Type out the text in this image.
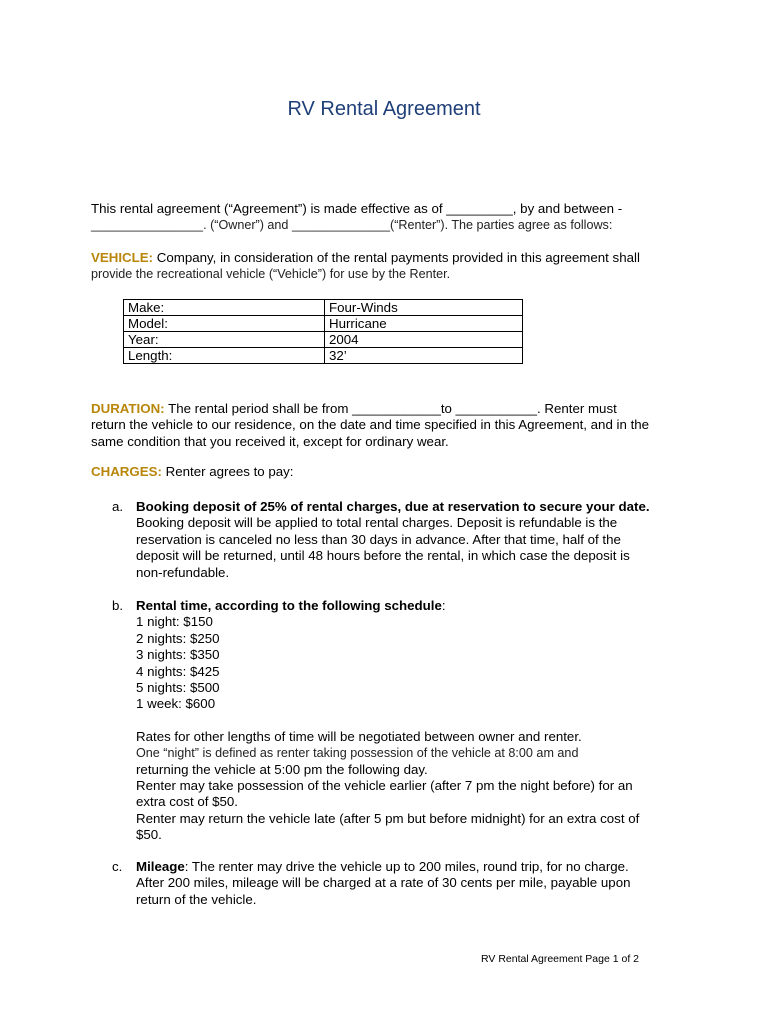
RV Rental Agreement

This rental agreement (“Agreement”) is made effective as of _________, by and between -
________________. (“Owner”) and ______________(“Renter”). The parties agree as follows:

VEHICLE: Company, in consideration of the rental payments provided in this agreement shall
provide the recreational vehicle (“Vehicle”) for use by the Renter.

Make:	Four-Winds
Model:	Hurricane
Year:	2004
Length:	32’

DURATION: The rental period shall be from ____________to ___________. Renter must
return the vehicle to our residence, on the date and time specified in this Agreement, and in the
same condition that you received it, except for ordinary wear.

CHARGES: Renter agrees to pay:

a. Booking deposit of 25% of rental charges, due at reservation to secure your date.
Booking deposit will be applied to total rental charges. Deposit is refundable is the
reservation is canceled no less than 30 days in advance. After that time, half of the
deposit will be returned, until 48 hours before the rental, in which case the deposit is
non-refundable.
b. Rental time, according to the following schedule:
1 night: $150
2 nights: $250
3 nights: $350
4 nights: $425
5 nights: $500
1 week: $600
Rates for other lengths of time will be negotiated between owner and renter.
One “night” is defined as renter taking possession of the vehicle at 8:00 am and
returning the vehicle at 5:00 pm the following day.
Renter may take possession of the vehicle earlier (after 7 pm the night before) for an
extra cost of $50.
Renter may return the vehicle late (after 5 pm but before midnight) for an extra cost of
$50.
c. Mileage: The renter may drive the vehicle up to 200 miles, round trip, for no charge.
After 200 miles, mileage will be charged at a rate of 30 cents per mile, payable upon
return of the vehicle.
RV Rental Agreement Page 1 of 2
